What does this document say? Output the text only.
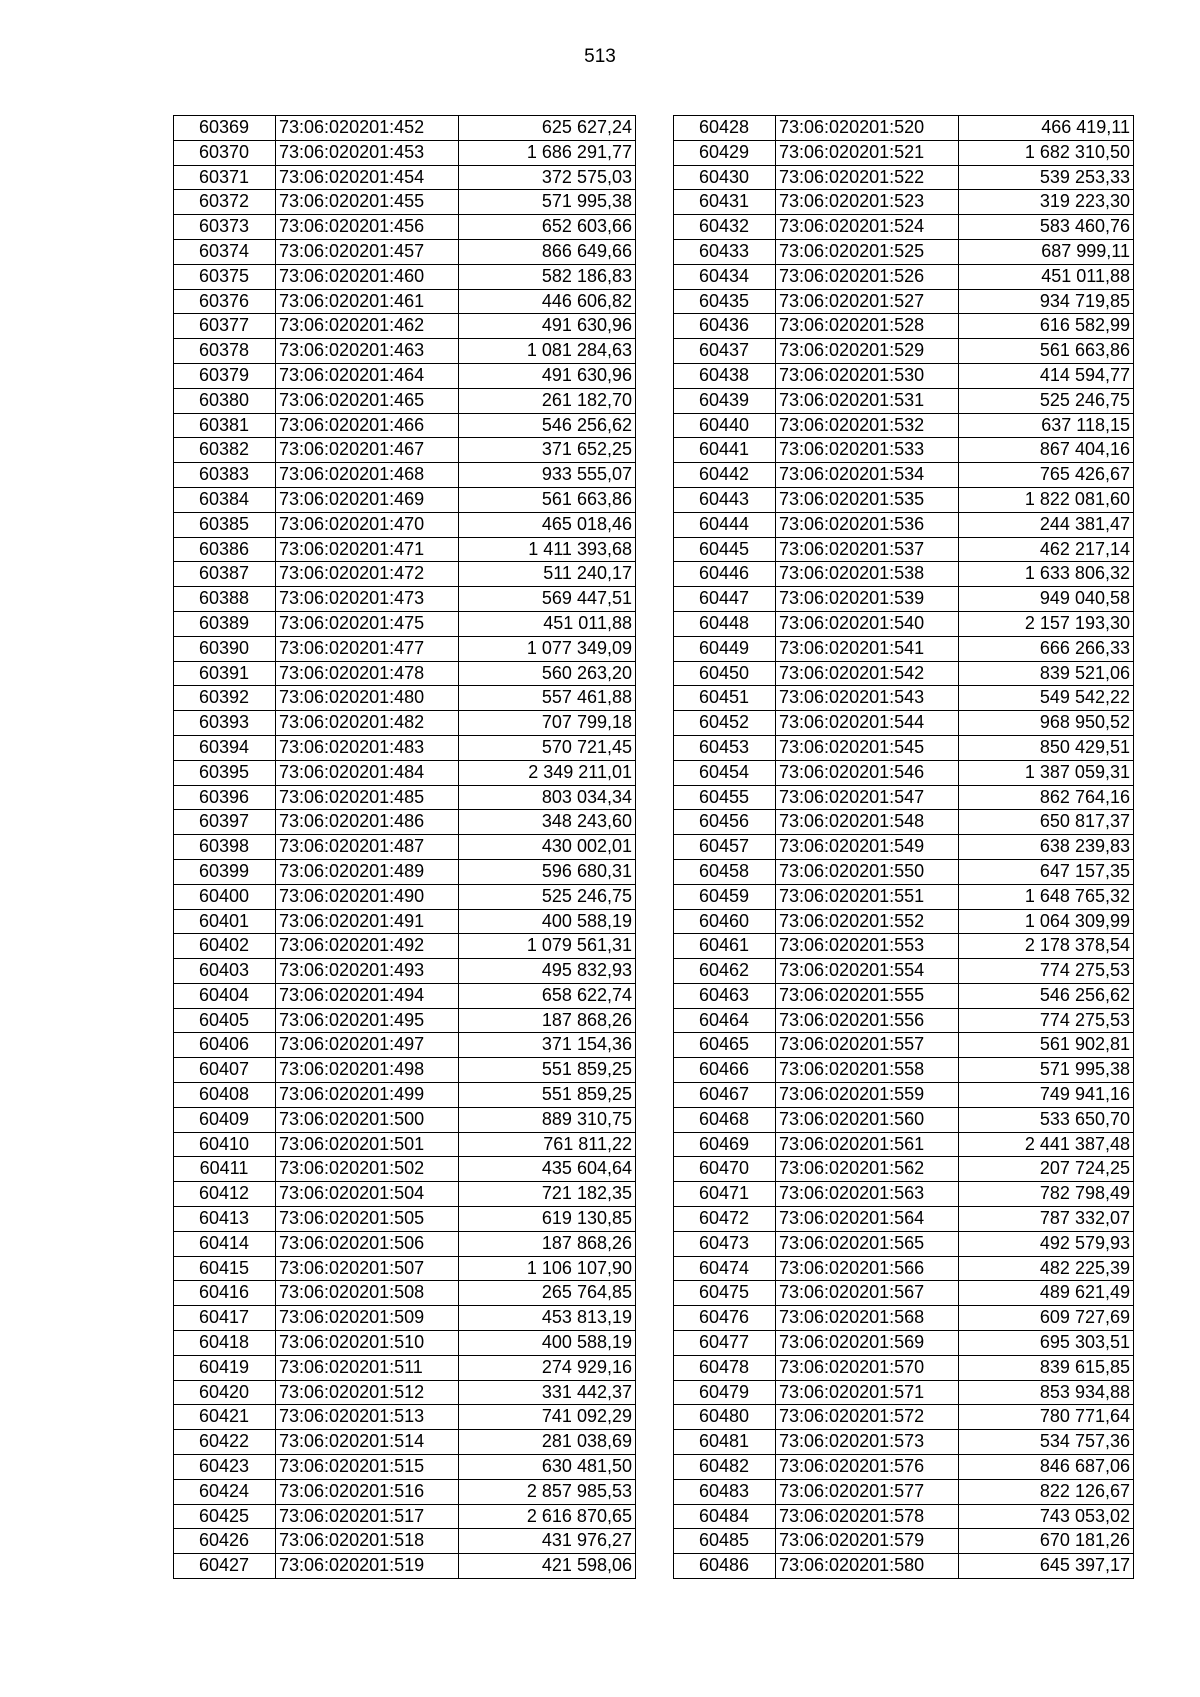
513
60369	73:06:020201:452	625 627,24
60370	73:06:020201:453	1 686 291,77
60371	73:06:020201:454	372 575,03
60372	73:06:020201:455	571 995,38
60373	73:06:020201:456	652 603,66
60374	73:06:020201:457	866 649,66
60375	73:06:020201:460	582 186,83
60376	73:06:020201:461	446 606,82
60377	73:06:020201:462	491 630,96
60378	73:06:020201:463	1 081 284,63
60379	73:06:020201:464	491 630,96
60380	73:06:020201:465	261 182,70
60381	73:06:020201:466	546 256,62
60382	73:06:020201:467	371 652,25
60383	73:06:020201:468	933 555,07
60384	73:06:020201:469	561 663,86
60385	73:06:020201:470	465 018,46
60386	73:06:020201:471	1 411 393,68
60387	73:06:020201:472	511 240,17
60388	73:06:020201:473	569 447,51
60389	73:06:020201:475	451 011,88
60390	73:06:020201:477	1 077 349,09
60391	73:06:020201:478	560 263,20
60392	73:06:020201:480	557 461,88
60393	73:06:020201:482	707 799,18
60394	73:06:020201:483	570 721,45
60395	73:06:020201:484	2 349 211,01
60396	73:06:020201:485	803 034,34
60397	73:06:020201:486	348 243,60
60398	73:06:020201:487	430 002,01
60399	73:06:020201:489	596 680,31
60400	73:06:020201:490	525 246,75
60401	73:06:020201:491	400 588,19
60402	73:06:020201:492	1 079 561,31
60403	73:06:020201:493	495 832,93
60404	73:06:020201:494	658 622,74
60405	73:06:020201:495	187 868,26
60406	73:06:020201:497	371 154,36
60407	73:06:020201:498	551 859,25
60408	73:06:020201:499	551 859,25
60409	73:06:020201:500	889 310,75
60410	73:06:020201:501	761 811,22
60411	73:06:020201:502	435 604,64
60412	73:06:020201:504	721 182,35
60413	73:06:020201:505	619 130,85
60414	73:06:020201:506	187 868,26
60415	73:06:020201:507	1 106 107,90
60416	73:06:020201:508	265 764,85
60417	73:06:020201:509	453 813,19
60418	73:06:020201:510	400 588,19
60419	73:06:020201:511	274 929,16
60420	73:06:020201:512	331 442,37
60421	73:06:020201:513	741 092,29
60422	73:06:020201:514	281 038,69
60423	73:06:020201:515	630 481,50
60424	73:06:020201:516	2 857 985,53
60425	73:06:020201:517	2 616 870,65
60426	73:06:020201:518	431 976,27
60427	73:06:020201:519	421 598,06
60428	73:06:020201:520	466 419,11
60429	73:06:020201:521	1 682 310,50
60430	73:06:020201:522	539 253,33
60431	73:06:020201:523	319 223,30
60432	73:06:020201:524	583 460,76
60433	73:06:020201:525	687 999,11
60434	73:06:020201:526	451 011,88
60435	73:06:020201:527	934 719,85
60436	73:06:020201:528	616 582,99
60437	73:06:020201:529	561 663,86
60438	73:06:020201:530	414 594,77
60439	73:06:020201:531	525 246,75
60440	73:06:020201:532	637 118,15
60441	73:06:020201:533	867 404,16
60442	73:06:020201:534	765 426,67
60443	73:06:020201:535	1 822 081,60
60444	73:06:020201:536	244 381,47
60445	73:06:020201:537	462 217,14
60446	73:06:020201:538	1 633 806,32
60447	73:06:020201:539	949 040,58
60448	73:06:020201:540	2 157 193,30
60449	73:06:020201:541	666 266,33
60450	73:06:020201:542	839 521,06
60451	73:06:020201:543	549 542,22
60452	73:06:020201:544	968 950,52
60453	73:06:020201:545	850 429,51
60454	73:06:020201:546	1 387 059,31
60455	73:06:020201:547	862 764,16
60456	73:06:020201:548	650 817,37
60457	73:06:020201:549	638 239,83
60458	73:06:020201:550	647 157,35
60459	73:06:020201:551	1 648 765,32
60460	73:06:020201:552	1 064 309,99
60461	73:06:020201:553	2 178 378,54
60462	73:06:020201:554	774 275,53
60463	73:06:020201:555	546 256,62
60464	73:06:020201:556	774 275,53
60465	73:06:020201:557	561 902,81
60466	73:06:020201:558	571 995,38
60467	73:06:020201:559	749 941,16
60468	73:06:020201:560	533 650,70
60469	73:06:020201:561	2 441 387,48
60470	73:06:020201:562	207 724,25
60471	73:06:020201:563	782 798,49
60472	73:06:020201:564	787 332,07
60473	73:06:020201:565	492 579,93
60474	73:06:020201:566	482 225,39
60475	73:06:020201:567	489 621,49
60476	73:06:020201:568	609 727,69
60477	73:06:020201:569	695 303,51
60478	73:06:020201:570	839 615,85
60479	73:06:020201:571	853 934,88
60480	73:06:020201:572	780 771,64
60481	73:06:020201:573	534 757,36
60482	73:06:020201:576	846 687,06
60483	73:06:020201:577	822 126,67
60484	73:06:020201:578	743 053,02
60485	73:06:020201:579	670 181,26
60486	73:06:020201:580	645 397,17
